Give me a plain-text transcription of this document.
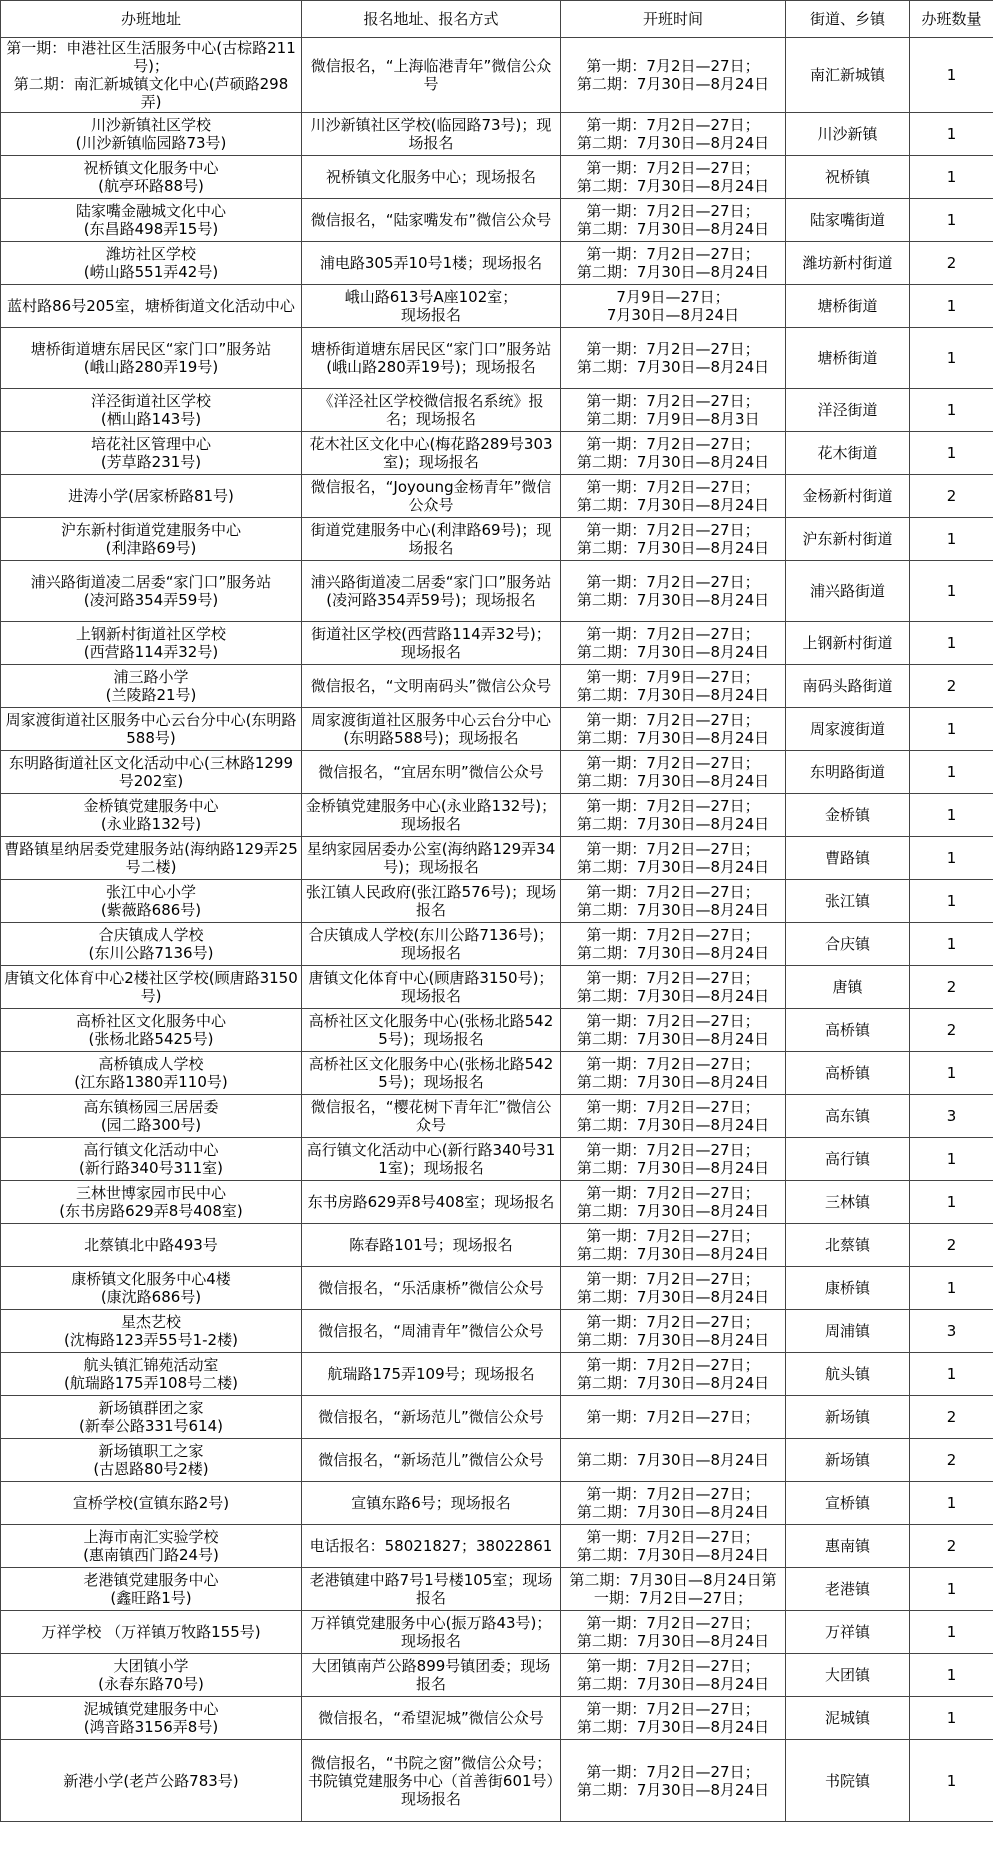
办班地址	报名地址、报名方式	开班时间	街道、乡镇	办班数量
第一期：申港社区生活服务中心(古棕路211号)；
第二期：南汇新城镇文化中心(芦硕路298弄)	微信报名，“上海临港青年”微信公众号	第一期：7月2日—27日；
第二期：7月30日—8月24日	南汇新城镇	1
川沙新镇社区学校
(川沙新镇临园路73号)	川沙新镇社区学校(临园路73号)；现场报名	第一期：7月2日—27日；
第二期：7月30日—8月24日	川沙新镇	1
祝桥镇文化服务中心
(航亭环路88号)	祝桥镇文化服务中心；现场报名	第一期：7月2日—27日；
第二期：7月30日—8月24日	祝桥镇	1
陆家嘴金融城文化中心
(东昌路498弄15号)	微信报名，“陆家嘴发布”微信公众号	第一期：7月2日—27日；
第二期：7月30日—8月24日	陆家嘴街道	1
潍坊社区学校
(崂山路551弄42号)	浦电路305弄10号1楼；现场报名	第一期：7月2日—27日；
第二期：7月30日—8月24日	潍坊新村街道	2
蓝村路86号205室，塘桥街道文化活动中心	峨山路613号A座102室；
现场报名	7月9日—27日；
7月30日—8月24日	塘桥街道	1
塘桥街道塘东居民区“家门口”服务站
(峨山路280弄19号)	塘桥街道塘东居民区“家门口”服务站(峨山路280弄19号)；现场报名	第一期：7月2日—27日；
第二期：7月30日—8月24日	塘桥街道	1
洋泾街道社区学校
(栖山路143号)	《洋泾社区学校微信报名系统》报名；现场报名	第一期：7月2日—27日；
第二期：7月9日—8月3日	洋泾街道	1
培花社区管理中心
(芳草路231号)	花木社区文化中心(梅花路289号303室)；现场报名	第一期：7月2日—27日；
第二期：7月30日—8月24日	花木街道	1
进涛小学(居家桥路81号)	微信报名，“Joyoung金杨青年”微信公众号	第一期：7月2日—27日；
第二期：7月30日—8月24日	金杨新村街道	2
沪东新村街道党建服务中心
(利津路69号)	街道党建服务中心(利津路69号)；现场报名	第一期：7月2日—27日；
第二期：7月30日—8月24日	沪东新村街道	1
浦兴路街道凌二居委“家门口”服务站
(凌河路354弄59号)	浦兴路街道凌二居委“家门口”服务站(凌河路354弄59号)；现场报名	第一期：7月2日—27日；
第二期：7月30日—8月24日	浦兴路街道	1
上钢新村街道社区学校
(西营路114弄32号)	街道社区学校(西营路114弄32号)；现场报名	第一期：7月2日—27日；
第二期：7月30日—8月24日	上钢新村街道	1
浦三路小学
(兰陵路21号)	微信报名，“文明南码头”微信公众号	第一期：7月9日—27日；
第二期：7月30日—8月24日	南码头路街道	2
周家渡街道社区服务中心云台分中心(东明路588号)	周家渡街道社区服务中心云台分中心(东明路588号)；现场报名	第一期：7月2日—27日；
第二期：7月30日—8月24日	周家渡街道	1
东明路街道社区文化活动中心(三林路1299号202室)	微信报名，“宜居东明”微信公众号	第一期：7月2日—27日；
第二期：7月30日—8月24日	东明路街道	1
金桥镇党建服务中心
(永业路132号)	金桥镇党建服务中心(永业路132号)；现场报名	第一期：7月2日—27日；
第二期：7月30日—8月24日	金桥镇	1
曹路镇星纳居委党建服务站(海纳路129弄25号二楼)	星纳家园居委办公室(海纳路129弄34号)；现场报名	第一期：7月2日—27日；
第二期：7月30日—8月24日	曹路镇	1
张江中心小学
(紫薇路686号)	张江镇人民政府(张江路576号)；现场报名	第一期：7月2日—27日；
第二期：7月30日—8月24日	张江镇	1
合庆镇成人学校
(东川公路7136号)	合庆镇成人学校(东川公路7136号)；现场报名	第一期：7月2日—27日；
第二期：7月30日—8月24日	合庆镇	1
唐镇文化体育中心2楼社区学校(顾唐路3150号)	唐镇文化体育中心(顾唐路3150号)；现场报名	第一期：7月2日—27日；
第二期：7月30日—8月24日	唐镇	2
高桥社区文化服务中心
(张杨北路5425号)	高桥社区文化服务中心(张杨北路5425号)；现场报名	第一期：7月2日—27日；
第二期：7月30日—8月24日	高桥镇	2
高桥镇成人学校
(江东路1380弄110号)	高桥社区文化服务中心(张杨北路5425号)；现场报名	第一期：7月2日—27日；
第二期：7月30日—8月24日	高桥镇	1
高东镇杨园三居居委
(园二路300号)	微信报名，“樱花树下青年汇”微信公众号	第一期：7月2日—27日；
第二期：7月30日—8月24日	高东镇	3
高行镇文化活动中心
(新行路340号311室)	高行镇文化活动中心(新行路340号311室)；现场报名	第一期：7月2日—27日；
第二期：7月30日—8月24日	高行镇	1
三林世博家园市民中心
(东书房路629弄8号408室)	东书房路629弄8号408室；现场报名	第一期：7月2日—27日；
第二期：7月30日—8月24日	三林镇	1
北蔡镇北中路493号	陈春路101号；现场报名	第一期：7月2日—27日；
第二期：7月30日—8月24日	北蔡镇	2
康桥镇文化服务中心4楼
(康沈路686号)	微信报名，“乐活康桥”微信公众号	第一期：7月2日—27日；
第二期：7月30日—8月24日	康桥镇	1
星杰艺校
(沈梅路123弄55号1-2楼)	微信报名，“周浦青年”微信公众号	第一期：7月2日—27日；
第二期：7月30日—8月24日	周浦镇	3
航头镇汇锦苑活动室
(航瑞路175弄108号二楼)	航瑞路175弄109号；现场报名	第一期：7月2日—27日；
第二期：7月30日—8月24日	航头镇	1
新场镇群团之家
(新奉公路331号614)	微信报名，“新场范儿”微信公众号	第一期：7月2日—27日；	新场镇	2
新场镇职工之家
(古恩路80号2楼)	微信报名，“新场范儿”微信公众号	第二期：7月30日—8月24日	新场镇	2
宣桥学校(宣镇东路2号)	宣镇东路6号；现场报名	第一期：7月2日—27日；
第二期：7月30日—8月24日	宣桥镇	1
上海市南汇实验学校
(惠南镇西门路24号)	电话报名：58021827；38022861	第一期：7月2日—27日；
第二期：7月30日—8月24日	惠南镇	2
老港镇党建服务中心
(鑫旺路1号)	老港镇建中路7号1号楼105室；现场报名	第二期：7月30日—8月24日第一期：7月2日—27日；	老港镇	1
万祥学校 （万祥镇万牧路155号)	万祥镇党建服务中心(振万路43号)；现场报名	第一期：7月2日—27日；
第二期：7月30日—8月24日	万祥镇	1
大团镇小学
(永春东路70号)	大团镇南芦公路899号镇团委；现场报名	第一期：7月2日—27日；
第二期：7月30日—8月24日	大团镇	1
泥城镇党建服务中心
(鸿音路3156弄8号)	微信报名，“希望泥城”微信公众号	第一期：7月2日—27日；
第二期：7月30日—8月24日	泥城镇	1
新港小学(老芦公路783号)	微信报名，“书院之窗”微信公众号；书院镇党建服务中心（首善街601号）现场报名	第一期：7月2日—27日；
第二期：7月30日—8月24日	书院镇	1
